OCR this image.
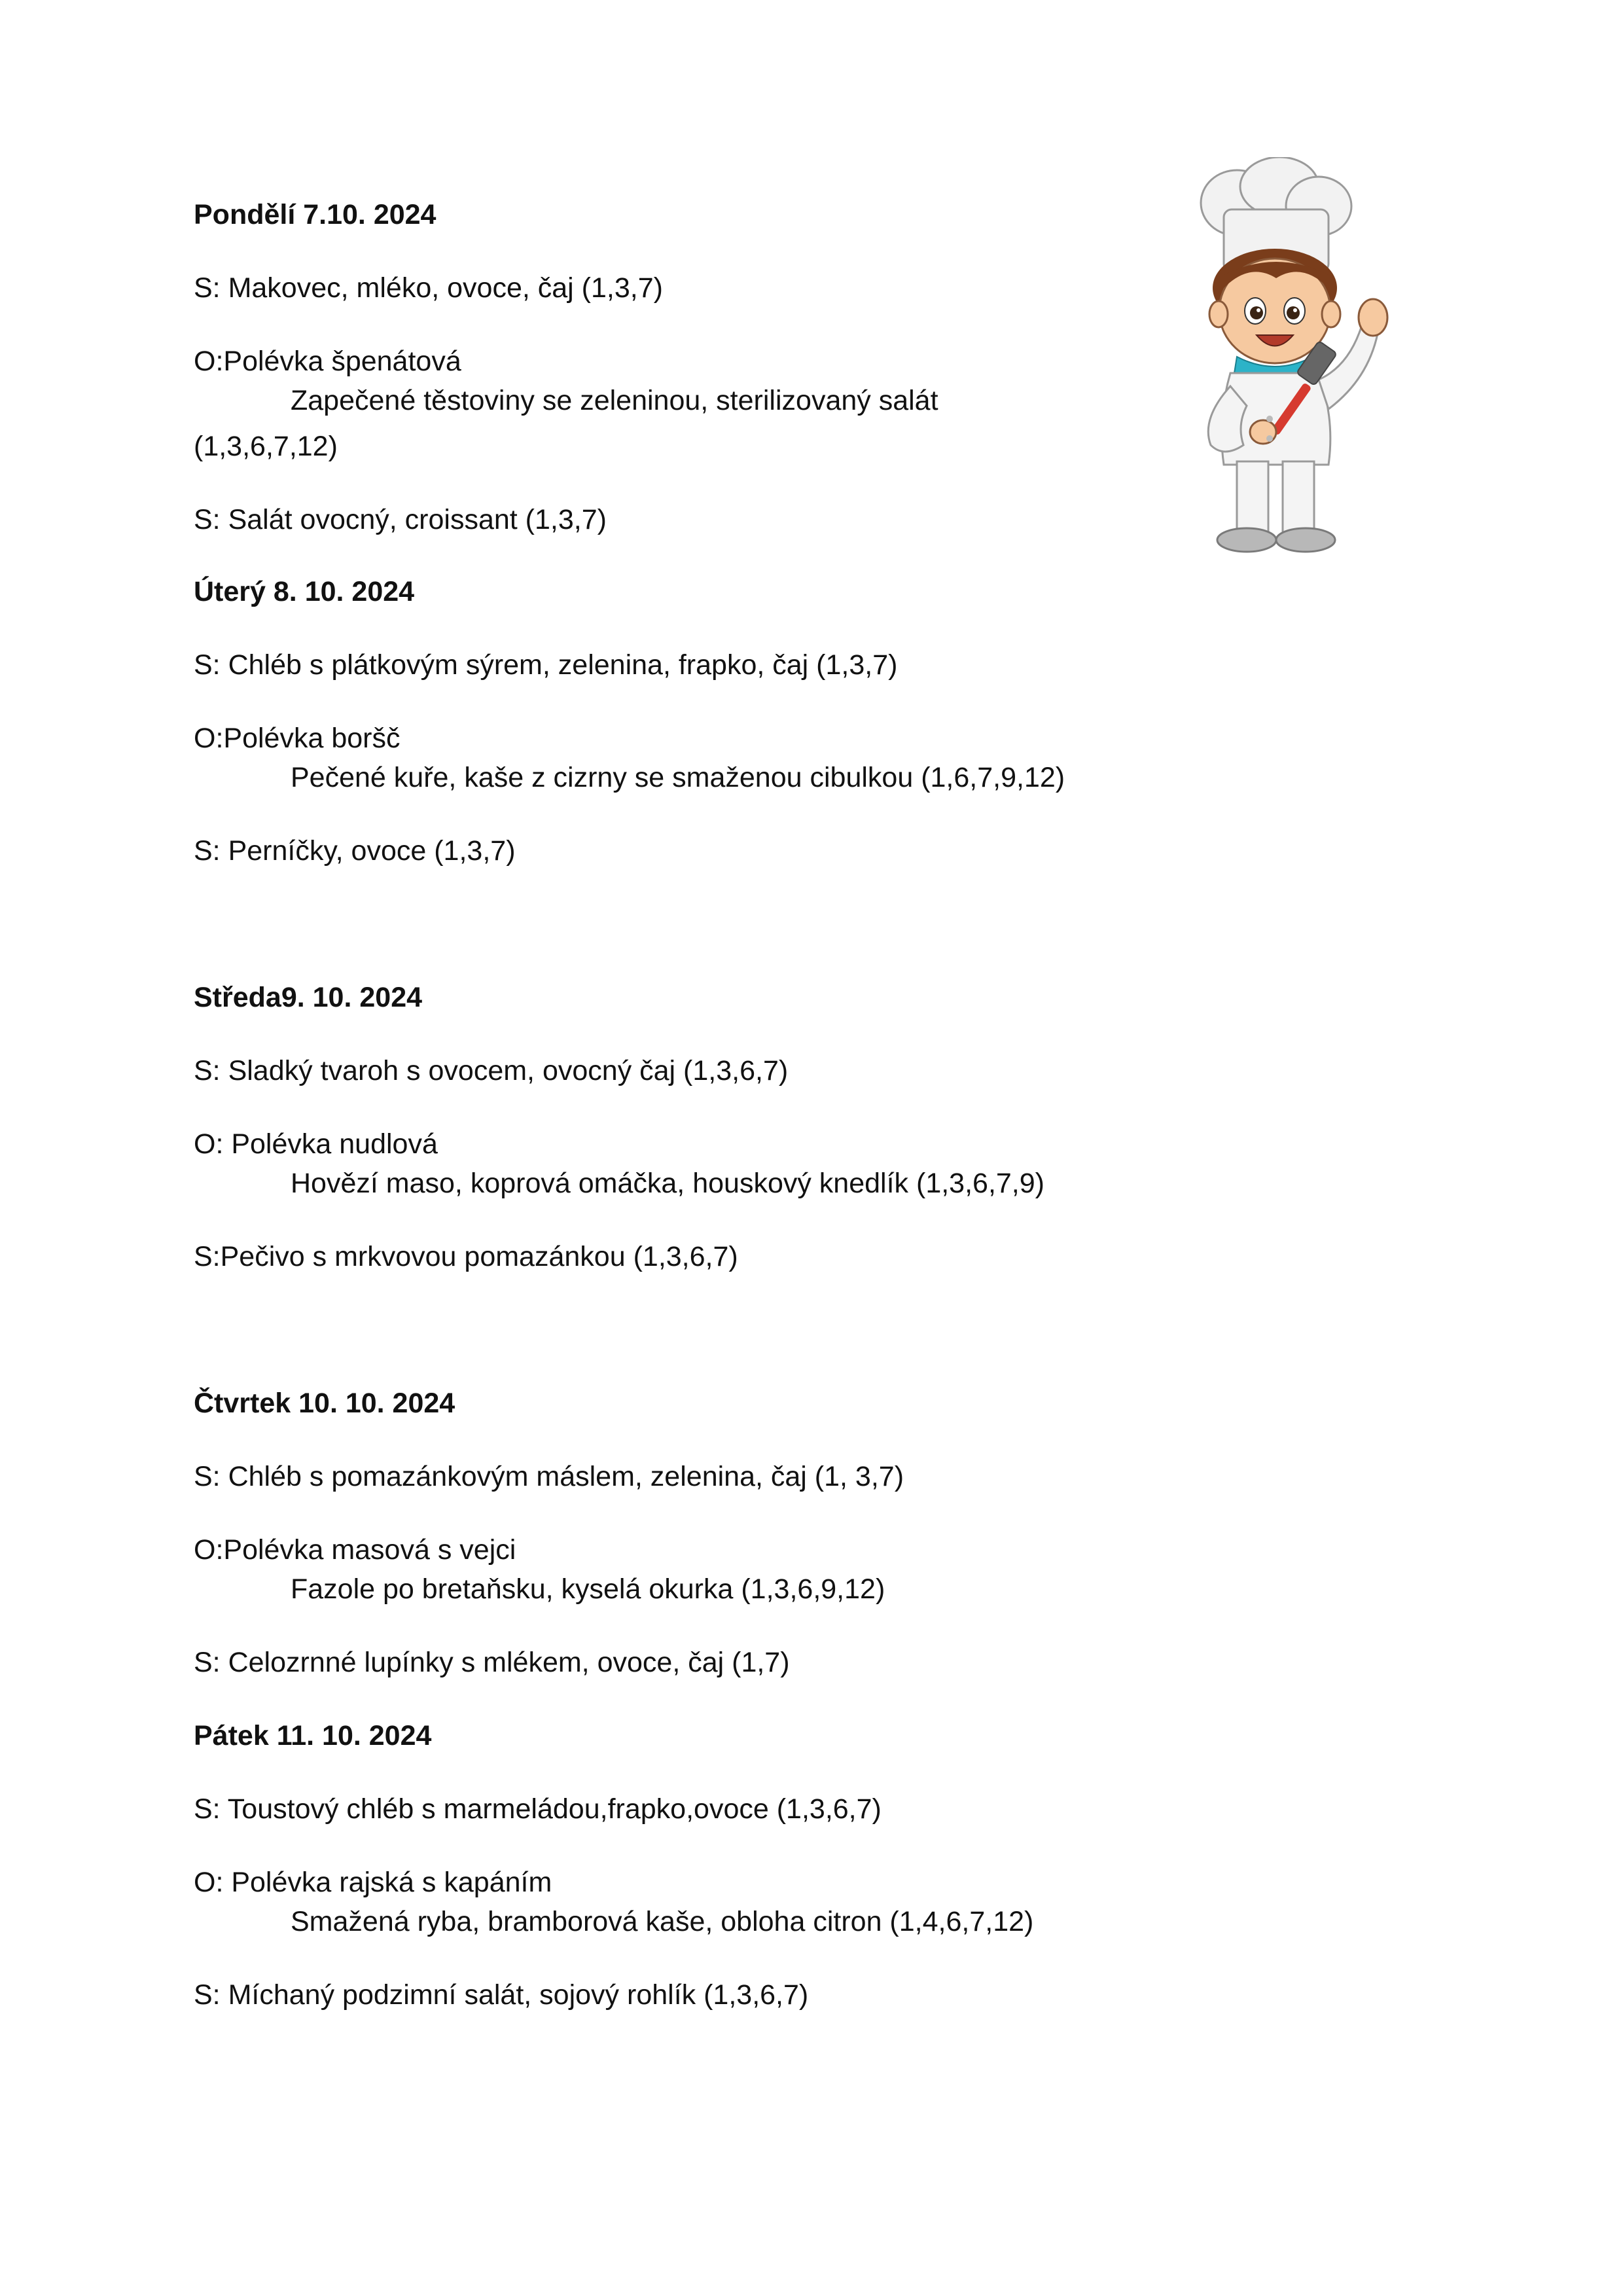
Pondělí 7.10. 2024
S: Makovec, mléko, ovoce, čaj (1,3,7)
O:Polévka špenátová
Zapečené těstoviny se zeleninou, sterilizovaný salát
(1,3,6,7,12)
S: Salát ovocný, croissant (1,3,7)
Úterý 8. 10. 2024
S: Chléb s plátkovým sýrem, zelenina, frapko, čaj (1,3,7)
O:Polévka boršč
Pečené kuře, kaše z cizrny se smaženou cibulkou (1,6,7,9,12)
S: Perníčky, ovoce (1,3,7)
Středa9. 10. 2024
S: Sladký tvaroh s ovocem, ovocný čaj (1,3,6,7)
O: Polévka nudlová
Hovězí maso, koprová omáčka, houskový knedlík (1,3,6,7,9)
S:Pečivo s mrkvovou pomazánkou (1,3,6,7)
Čtvrtek 10. 10. 2024
S: Chléb s pomazánkovým máslem, zelenina, čaj (1, 3,7)
O:Polévka masová s vejci
Fazole po bretaňsku, kyselá okurka (1,3,6,9,12)
S: Celozrnné lupínky s mlékem, ovoce, čaj (1,7)
Pátek 11. 10. 2024
S: Toustový chléb s marmeládou,frapko,ovoce (1,3,6,7)
O: Polévka rajská s kapáním
Smažená ryba, bramborová kaše, obloha citron (1,4,6,7,12)
S: Míchaný podzimní salát, sojový rohlík (1,3,6,7)
